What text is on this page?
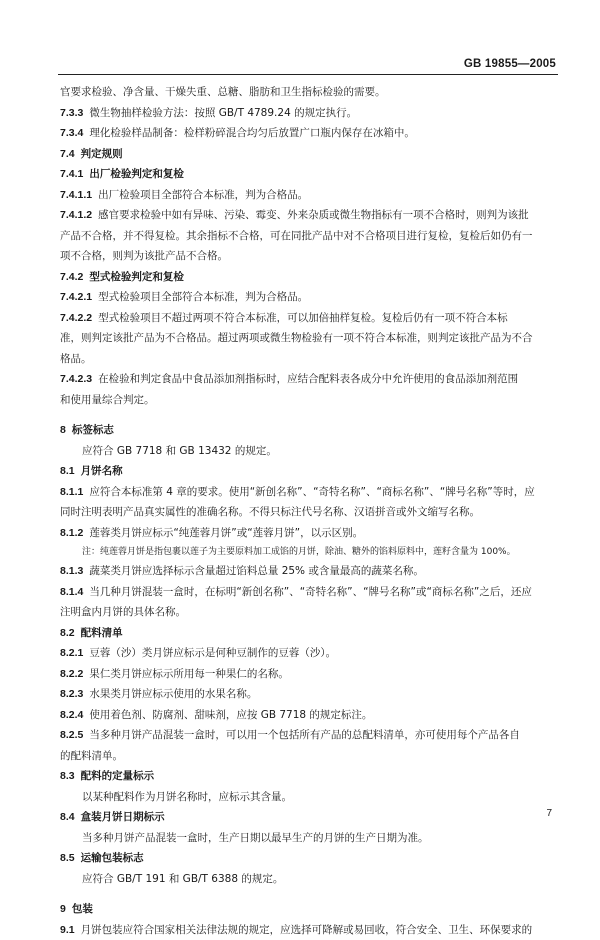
GB 19855—2005
官要求检验、净含量、干燥失重、总糖、脂肪和卫生指标检验的需要。
7.3.3 微生物抽样检验方法：按照 GB/T 4789.24 的规定执行。
7.3.4 理化检验样品制备：检样粉碎混合均匀后放置广口瓶内保存在冰箱中。
7.4 判定规则
7.4.1 出厂检验判定和复检
7.4.1.1 出厂检验项目全部符合本标准，判为合格品。
7.4.1.2 感官要求检验中如有异味、污染、霉变、外来杂质或微生物指标有一项不合格时，则判为该批
产品不合格，并不得复检。其余指标不合格，可在同批产品中对不合格项目进行复检，复检后如仍有一
项不合格，则判为该批产品不合格。
7.4.2 型式检验判定和复检
7.4.2.1 型式检验项目全部符合本标准，判为合格品。
7.4.2.2 型式检验项目不超过两项不符合本标准，可以加倍抽样复检。复检后仍有一项不符合本标
准，则判定该批产品为不合格品。超过两项或微生物检验有一项不符合本标准，则判定该批产品为不合
格品。
7.4.2.3 在检验和判定食品中食品添加剂指标时，应结合配料表各成分中允许使用的食品添加剂范围
和使用量综合判定。
8 标签标志
应符合 GB 7718 和 GB 13432 的规定。
8.1 月饼名称
8.1.1 应符合本标准第 4 章的要求。使用“新创名称”、“奇特名称”、“商标名称”、“牌号名称”等时，应
同时注明表明产品真实属性的准确名称。不得只标注代号名称、汉语拼音或外文缩写名称。
8.1.2 莲蓉类月饼应标示“纯莲蓉月饼”或“莲蓉月饼”，以示区别。
注：纯莲蓉月饼是指包裹以莲子为主要原料加工成馅的月饼，除油、糖外的馅料原料中，莲籽含量为 100%。
8.1.3 蔬菜类月饼应选择标示含量超过馅料总量 25% 或含量最高的蔬菜名称。
8.1.4 当几种月饼混装一盒时，在标明“新创名称”、“奇特名称”、“牌号名称”或“商标名称”之后，还应
注明盒内月饼的具体名称。
8.2 配料清单
8.2.1 豆蓉（沙）类月饼应标示是何种豆制作的豆蓉（沙）。
8.2.2 果仁类月饼应标示所用每一种果仁的名称。
8.2.3 水果类月饼应标示使用的水果名称。
8.2.4 使用着色剂、防腐剂、甜味剂，应按 GB 7718 的规定标注。
8.2.5 当多种月饼产品混装一盒时，可以用一个包括所有产品的总配料清单，亦可使用每个产品各自
的配料清单。
8.3 配料的定量标示
以某种配料作为月饼名称时，应标示其含量。
8.4 盒装月饼日期标示
当多种月饼产品混装一盒时，生产日期以最早生产的月饼的生产日期为准。
8.5 运输包装标志
应符合 GB/T 191 和 GB/T 6388 的规定。
9 包装
9.1 月饼包装应符合国家相关法律法规的规定，应选择可降解或易回收，符合安全、卫生、环保要求的
7
